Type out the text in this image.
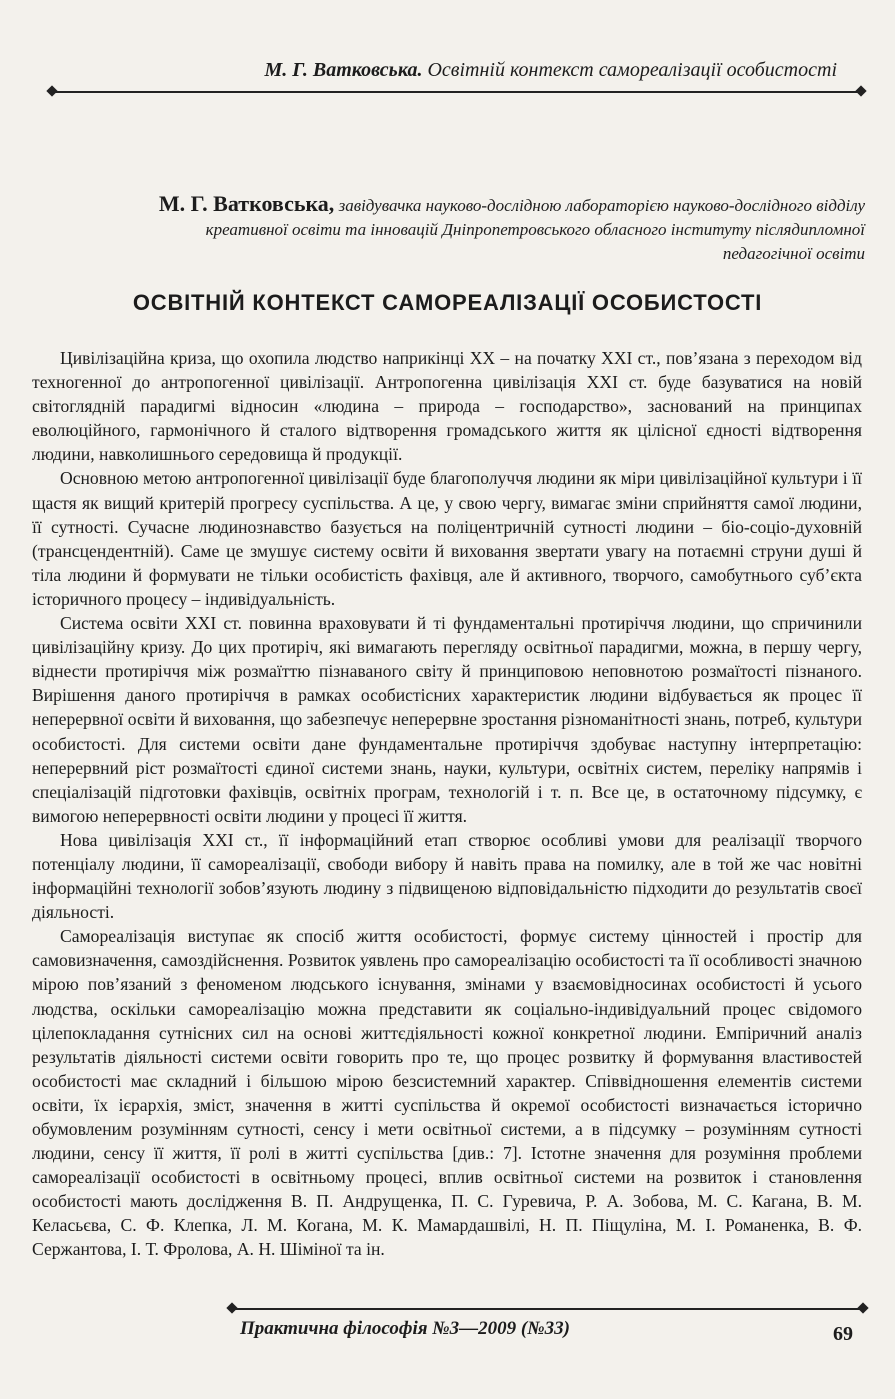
М. Г. Ватковська. Освітній контекст самореалізації особистості
М. Г. Ватковська, завідувачка науково-дослідною лабораторією науково-дослідного відділу креативної освіти та інновацій Дніпропетровського обласного інституту післядипломної педагогічної освіти
ОСВІТНІЙ КОНТЕКСТ САМОРЕАЛІЗАЦІЇ ОСОБИСТОСТІ

Цивілізаційна криза, що охопила людство наприкінці XX – на початку XXI ст., пов’язана з переходом від техногенної до антропогенної цивілізації. Антропогенна цивілізація XXI ст. буде базуватися на новій світоглядній парадигмі відносин «людина – природа – господарство», заснований на принципах еволюційного, гармонічного й сталого відтворення громадського життя як цілісної єдності відтворення людини, навколишнього середовища й продукції.

Основною метою антропогенної цивілізації буде благополуччя людини як міри цивілізаційної культури і її щастя як вищий критерій прогресу суспільства. А це, у свою чергу, вимагає зміни сприйняття самої людини, її сутності. Сучасне людинознавство базується на поліцентричній сутності людини – біо-соціо-духовній (трансцендентній). Саме це змушує систему освіти й виховання звертати увагу на потаємні струни душі й тіла людини й формувати не тільки особистість фахівця, але й активного, творчого, самобутнього суб’єкта історичного процесу – індивідуальність.

Система освіти XXI ст. повинна враховувати й ті фундаментальні протиріччя людини, що спричинили цивілізаційну кризу. До цих протиріч, які вимагають перегляду освітньої парадигми, можна, в першу чергу, віднести протиріччя між розмаїттю пізнаваного світу й принциповою неповнотою розмаїтості пізнаного. Вирішення даного протиріччя в рамках особистісних характеристик людини відбувається як процес її неперервної освіти й виховання, що забезпечує неперервне зростання різноманітності знань, потреб, культури особистості. Для системи освіти дане фундаментальне протиріччя здобуває наступну інтерпретацію: неперервний ріст розмаїтості єдиної системи знань, науки, культури, освітніх систем, переліку напрямів і спеціалізацій підготовки фахівців, освітніх програм, технологій і т. п. Все це, в остаточному підсумку, є вимогою неперервності освіти людини у процесі її життя.

Нова цивілізація XXI ст., її інформаційний етап створює особливі умови для реалізації творчого потенціалу людини, її самореалізації, свободи вибору й навіть права на помилку, але в той же час новітні інформаційні технології зобов’язують людину з підвищеною відповідальністю підходити до результатів своєї діяльності.

Самореалізація виступає як спосіб життя особистості, формує систему цінностей і простір для самовизначення, самоздійснення. Розвиток уявлень про самореалізацію особистості та її особливості значною мірою пов’язаний з феноменом людського існування, змінами у взаємовідносинах особистості й усього людства, оскільки самореалізацію можна представити як соціально-індивідуальний процес свідомого цілепокладання сутнісних сил на основі життєдіяльності кожної конкретної людини. Емпіричний аналіз результатів діяльності системи освіти говорить про те, що процес розвитку й формування властивостей особистості має складний і більшою мірою безсистемний характер. Співвідношення елементів системи освіти, їх ієрархія, зміст, значення в житті суспільства й окремої особистості визначається історично обумовленим розумінням сутності, сенсу і мети освітньої системи, а в підсумку – розумінням сутності людини, сенсу її життя, її ролі в житті суспільства [див.: 7]. Істотне значення для розуміння проблеми самореалізації особистості в освітньому процесі, вплив освітньої системи на розвиток і становлення особистості мають дослідження В. П. Андрущенка, П. С. Гуревича, Р. А. Зобова, М. С. Кагана, В. М. Келасьєва, С. Ф. Клепка, Л. М. Когана, М. К. Мамардашвілі, Н. П. Піщуліна, М. І. Романенка, В. Ф. Сержантова, І. Т. Фролова, А. Н. Шіміної та ін.

Практична філософія №3—2009 (№33)	69
